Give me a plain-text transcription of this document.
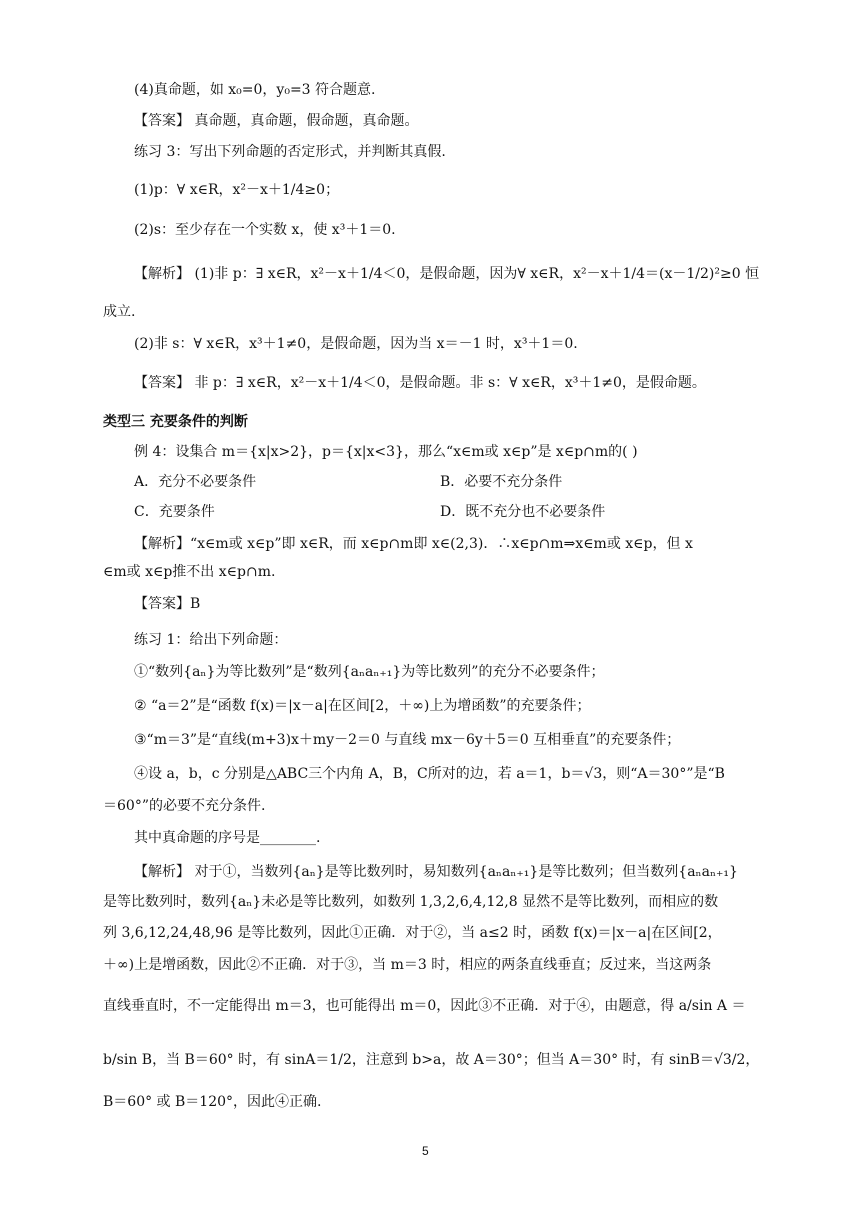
(4)真命题，如 x₀=0，y₀=3 符合题意.
【答案】 真命题，真命题，假命题，真命题。
练习 3：写出下列命题的否定形式，并判断其真假.
(1)p：∀ x∈R，x²－x＋1/4≥0；
(2)s：至少存在一个实数 x，使 x³＋1＝0.
【解析】 (1)非 p：∃ x∈R，x²－x＋1/4＜0，是假命题，因为∀ x∈R，x²－x＋1/4＝(x－1/2)²≥0 恒
成立.
(2)非 s：∀ x∈R，x³＋1≠0，是假命题，因为当 x＝－1 时，x³＋1＝0.
【答案】 非 p：∃ x∈R，x²－x＋1/4＜0，是假命题。非 s：∀ x∈R，x³＋1≠0，是假命题。
类型三 充要条件的判断
例 4：设集合 m＝{x|x>2}，p＝{x|x<3}，那么“x∈m或 x∈p”是 x∈p∩m的( )
A．充分不必要条件	B．必要不充分条件
C．充要条件	D．既不充分也不必要条件
【解析】“x∈m或 x∈p”即 x∈R，而 x∈p∩m即 x∈(2,3)．∴x∈p∩m⇒x∈m或 x∈p，但 x
∈m或 x∈p推不出 x∈p∩m.
【答案】B
练习 1：给出下列命题：
①“数列{aₙ}为等比数列”是“数列{aₙaₙ₊₁}为等比数列”的充分不必要条件；
② “a＝2”是“函数 f(x)＝|x－a|在区间[2，＋∞)上为增函数”的充要条件；
③“m＝3”是“直线(m+3)x＋my－2＝0 与直线 mx－6y＋5＝0 互相垂直”的充要条件；
④设 a，b，c 分别是△ABC三个内角 A，B，C所对的边，若 a＝1，b＝√3，则“A＝30°”是“B
＝60°”的必要不充分条件.
其中真命题的序号是________.
【解析】 对于①，当数列{aₙ}是等比数列时，易知数列{aₙaₙ₊₁}是等比数列；但当数列{aₙaₙ₊₁}
是等比数列时，数列{aₙ}未必是等比数列，如数列 1,3,2,6,4,12,8 显然不是等比数列，而相应的数
列 3,6,12,24,48,96 是等比数列，因此①正确．对于②，当 a≤2 时，函数 f(x)＝|x－a|在区间[2，
＋∞)上是增函数，因此②不正确．对于③，当 m＝3 时，相应的两条直线垂直；反过来，当这两条
直线垂直时，不一定能得出 m＝3，也可能得出 m＝0，因此③不正确．对于④，由题意，得 a/sin A ＝
b/sin B，当 B＝60° 时，有 sinA＝1/2，注意到 b>a，故 A＝30°；但当 A＝30° 时，有 sinB＝√3/2，
B＝60° 或 B＝120°，因此④正确.
5
